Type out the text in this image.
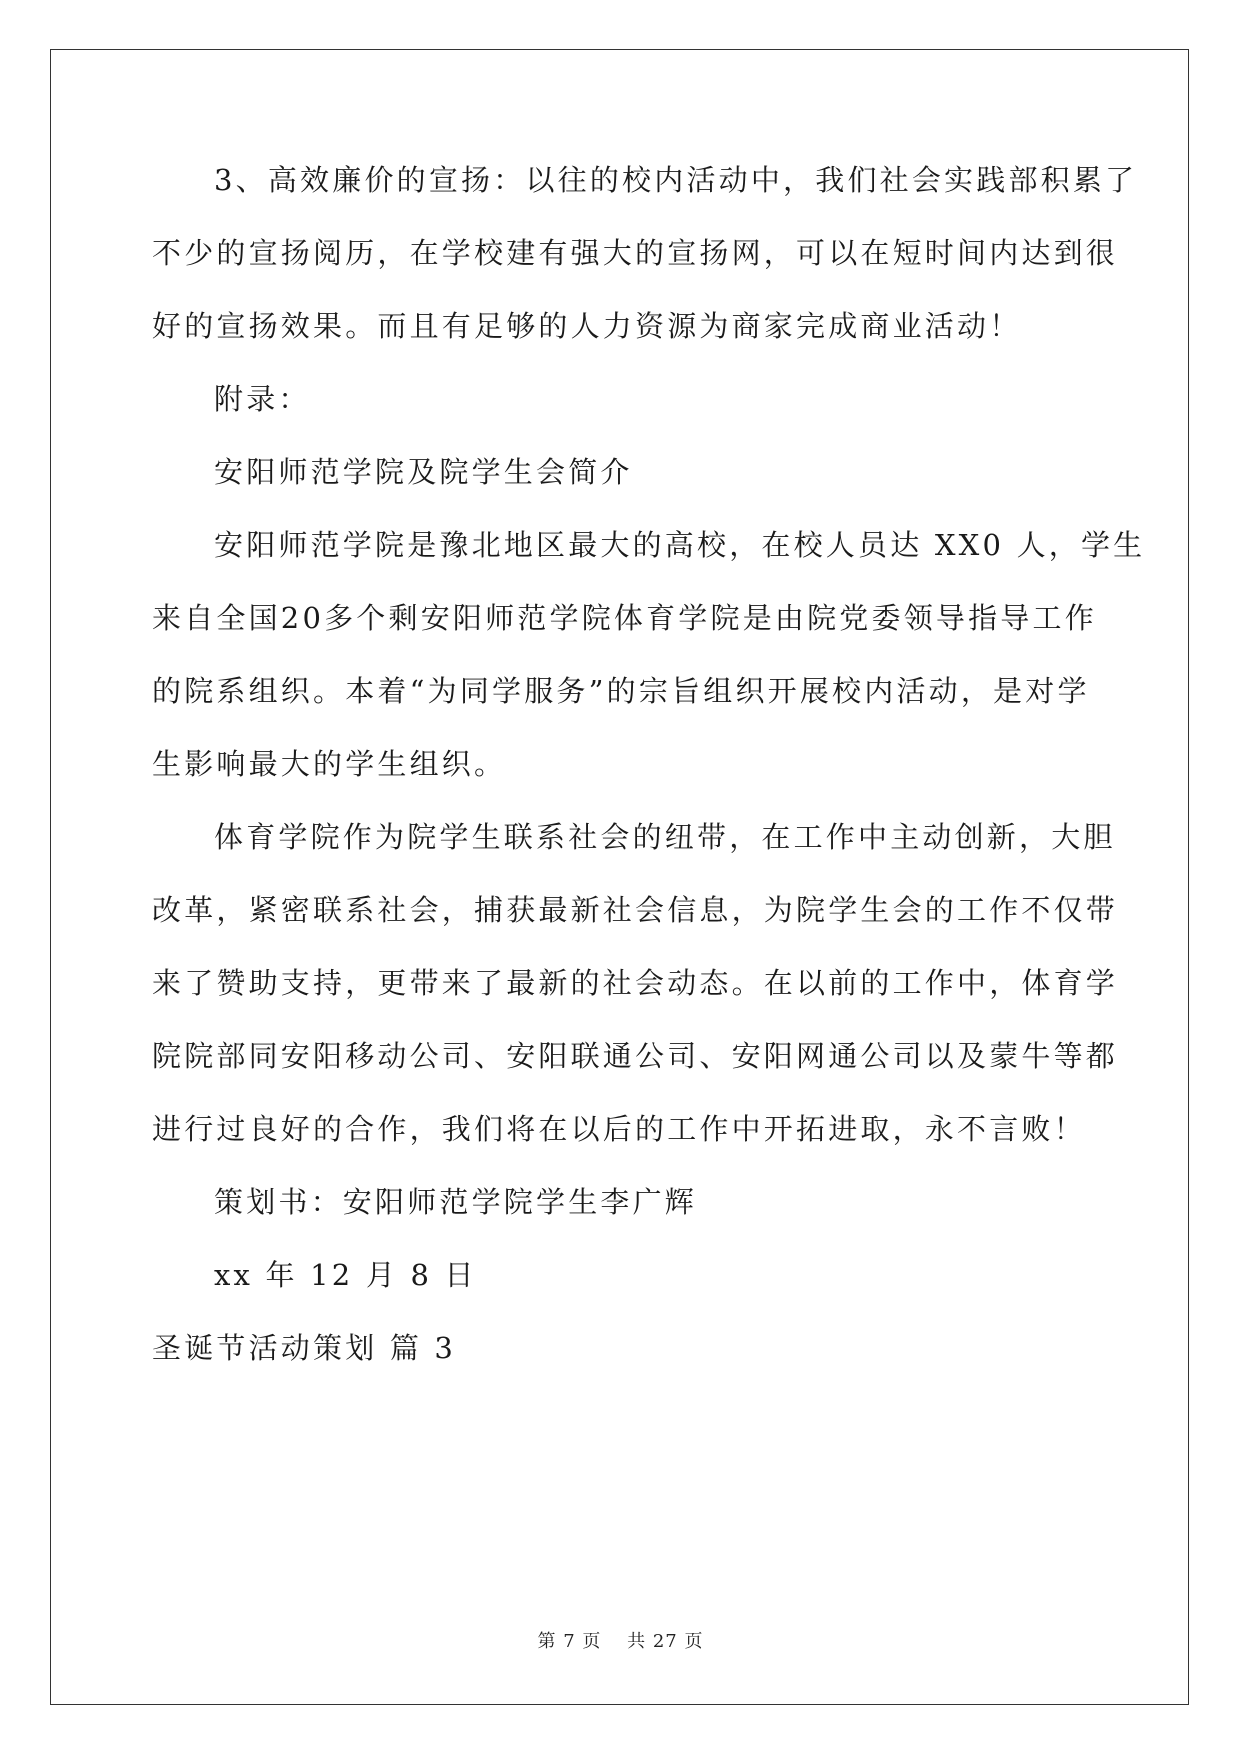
3、高效廉价的宣扬：以往的校内活动中，我们社会实践部积累了
不少的宣扬阅历，在学校建有强大的宣扬网，可以在短时间内达到很
好的宣扬效果。而且有足够的人力资源为商家完成商业活动！
附录：
安阳师范学院及院学生会简介
安阳师范学院是豫北地区最大的高校，在校人员达 XX0 人，学生
来自全国20多个剩安阳师范学院体育学院是由院党委领导指导工作
的院系组织。本着“为同学服务”的宗旨组织开展校内活动，是对学
生影响最大的学生组织。
体育学院作为院学生联系社会的纽带，在工作中主动创新，大胆
改革，紧密联系社会，捕获最新社会信息，为院学生会的工作不仅带
来了赞助支持，更带来了最新的社会动态。在以前的工作中，体育学
院院部同安阳移动公司、安阳联通公司、安阳网通公司以及蒙牛等都
进行过良好的合作，我们将在以后的工作中开拓进取，永不言败！
策划书：安阳师范学院学生李广辉
xx 年 12 月 8 日
圣诞节活动策划 篇 3
第 7 页　 共 27 页
